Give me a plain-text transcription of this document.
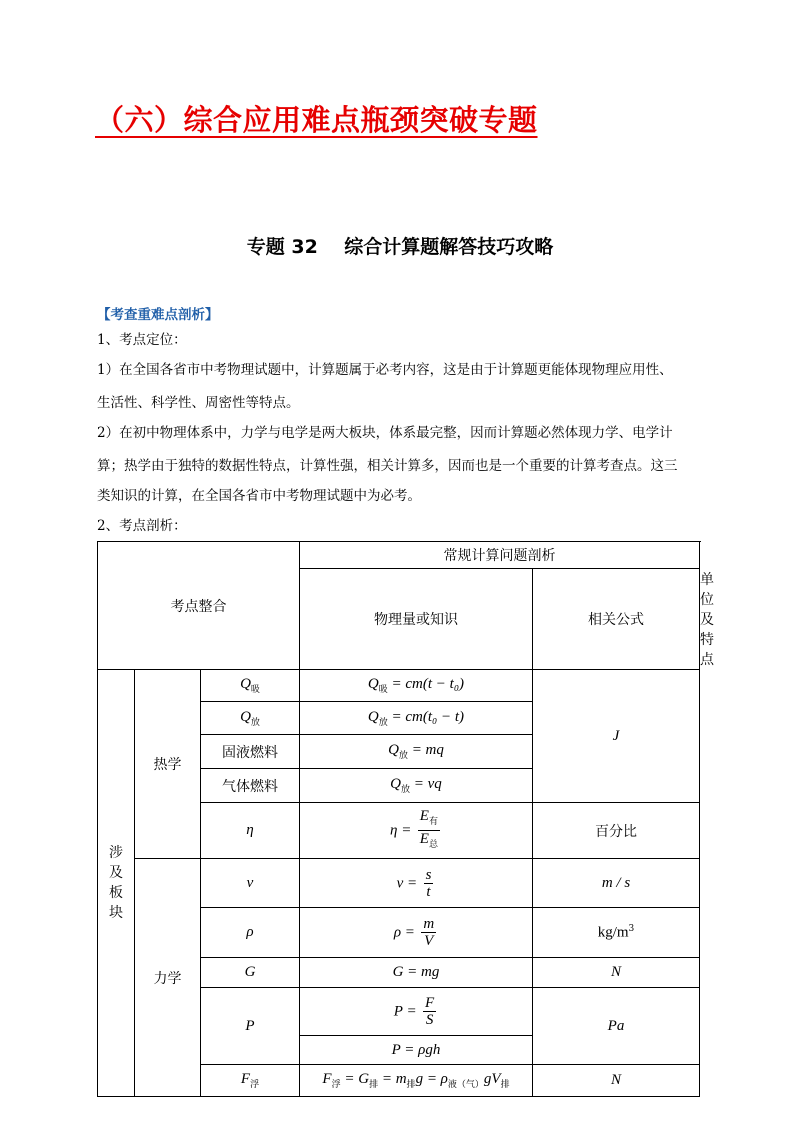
（六）综合应用难点瓶颈突破专题
专题 32    综合计算题解答技巧攻略
【考查重难点剖析】
1、考点定位：
1）在全国各省市中考物理试题中，计算题属于必考内容，这是由于计算题更能体现物理应用性、
生活性、科学性、周密性等特点。
2）在初中物理体系中，力学与电学是两大板块，体系最完整，因而计算题必然体现力学、电学计
算；热学由于独特的数据性特点，计算性强，相关计算多，因而也是一个重要的计算考查点。这三
类知识的计算，在全国各省市中考物理试题中为必考。
2、考点剖析：
考点整合			常规计算问题剖析		
			物理量或知识	相关公式	单位及特点
涉及板块	热学	$Q_吸$	$Q_吸 = cm(t - t_0)$	J	
		$Q_放$	$Q_放 = cm(t_0 - t)$		
		固液燃料	$Q_放$ = mq		
		气体燃料	$Q_放$ = vq		
		η	$\eta = \frac{E_有}{E_总}$	百分比	
	力学	v	$v = \frac{s}{t}$	m / s	
		ρ	$\rho = \frac{m}{V}$	$kg/m^3$
		G	G = mg	N	
		P	$P = \frac{F}{S}$	Pa	
			P = ρgh		
		$F_浮$	$F_浮 = G_排 = m_排g = \rho_{液(气)}gV_排$	N	
